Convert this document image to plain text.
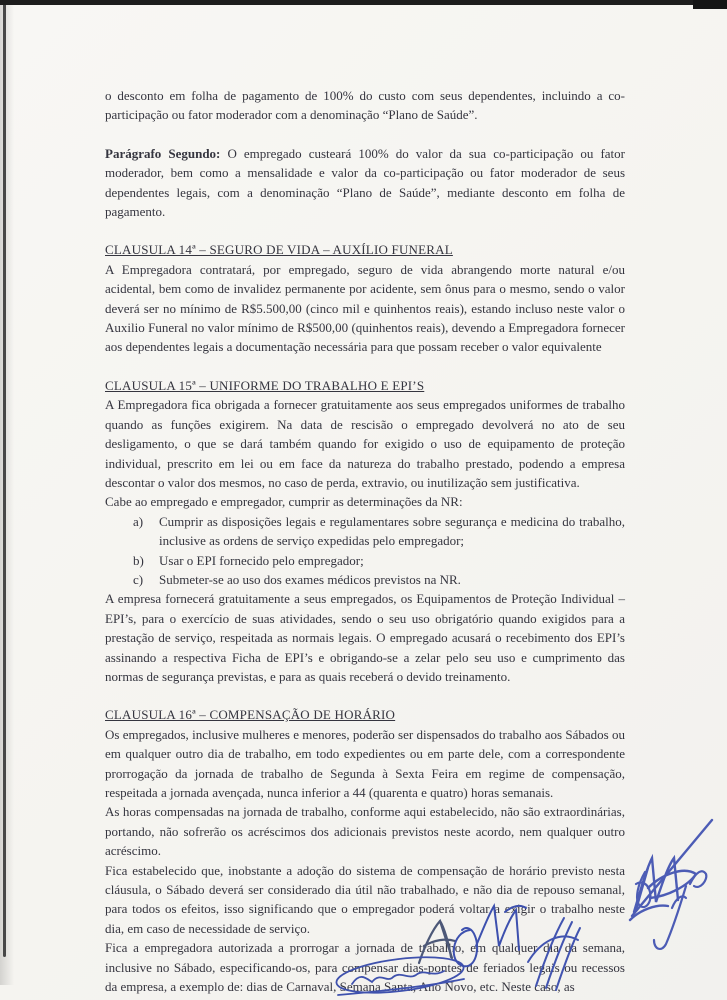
o desconto em folha de pagamento de 100% do custo com seus dependentes, incluindo a co-participação ou fator moderador com a denominação “Plano de Saúde”.

Parágrafo Segundo: O empregado custeará 100% do valor da sua co-participação ou fator moderador, bem como a mensalidade e valor da co-participação ou fator moderador de seus dependentes legais, com a denominação “Plano de Saúde”, mediante desconto em folha de pagamento.

CLAUSULA 14ª – SEGURO DE VIDA – AUXÍLIO FUNERAL

A Empregadora contratará, por empregado, seguro de vida abrangendo morte natural e/ou acidental, bem como de invalidez permanente por acidente, sem ônus para o mesmo, sendo o valor deverá ser no mínimo de R$5.500,00 (cinco mil e quinhentos reais), estando incluso neste valor o Auxilio Funeral no valor mínimo de R$500,00 (quinhentos reais), devendo a Empregadora fornecer aos dependentes legais a documentação necessária para que possam receber o valor equivalente

CLAUSULA 15ª – UNIFORME DO TRABALHO E EPI’S

A Empregadora fica obrigada a fornecer gratuitamente aos seus empregados uniformes de trabalho quando as funções exigirem. Na data de rescisão o empregado devolverá no ato de seu desligamento, o que se dará também quando for exigido o uso de equipamento de proteção individual, prescrito em lei ou em face da natureza do trabalho prestado, podendo a empresa descontar o valor dos mesmos, no caso de perda, extravio, ou inutilização sem justificativa.

Cabe ao empregado e empregador, cumprir as determinações da NR:

a)	Cumprir as disposições legais e regulamentares sobre segurança e medicina do trabalho, inclusive as ordens de serviço expedidas pelo empregador;
b)	Usar o EPI fornecido pelo empregador;
c)	Submeter-se ao uso dos exames médicos previstos na NR.

A empresa fornecerá gratuitamente a seus empregados, os Equipamentos de Proteção Individual – EPI’s, para o exercício de suas atividades, sendo o seu uso obrigatório quando exigidos para a prestação de serviço, respeitada as normais legais. O empregado acusará o recebimento dos EPI’s assinando a respectiva Ficha de EPI’s e obrigando-se a zelar pelo seu uso e cumprimento das normas de segurança previstas, e para as quais receberá o devido treinamento.

CLAUSULA 16ª – COMPENSAÇÃO DE HORÁRIO

Os empregados, inclusive mulheres e menores, poderão ser dispensados do trabalho aos Sábados ou em qualquer outro dia de trabalho, em todo expedientes ou em parte dele, com a correspondente prorrogação da jornada de trabalho de Segunda à Sexta Feira em regime de compensação, respeitada a jornada avençada, nunca inferior a 44 (quarenta e quatro) horas semanais.

As horas compensadas na jornada de trabalho, conforme aqui estabelecido, não são extraordinárias, portando, não sofrerão os acréscimos dos adicionais previstos neste acordo, nem qualquer outro acréscimo.

Fica estabelecido que, inobstante a adoção do sistema de compensação de horário previsto nesta cláusula, o Sábado deverá ser considerado dia útil não trabalhado, e não dia de repouso semanal, para todos os efeitos, isso significando que o empregador poderá voltar a exigir o trabalho neste dia, em caso de necessidade de serviço.

Fica a empregadora autorizada a prorrogar a jornada de trabalho, em qualquer dia da semana, inclusive no Sábado, especificando-os, para compensar dias-pontes de feriados legais ou recessos da empresa, a exemplo de: dias de Carnaval, Semana Santa, Ano Novo, etc. Neste caso, as
